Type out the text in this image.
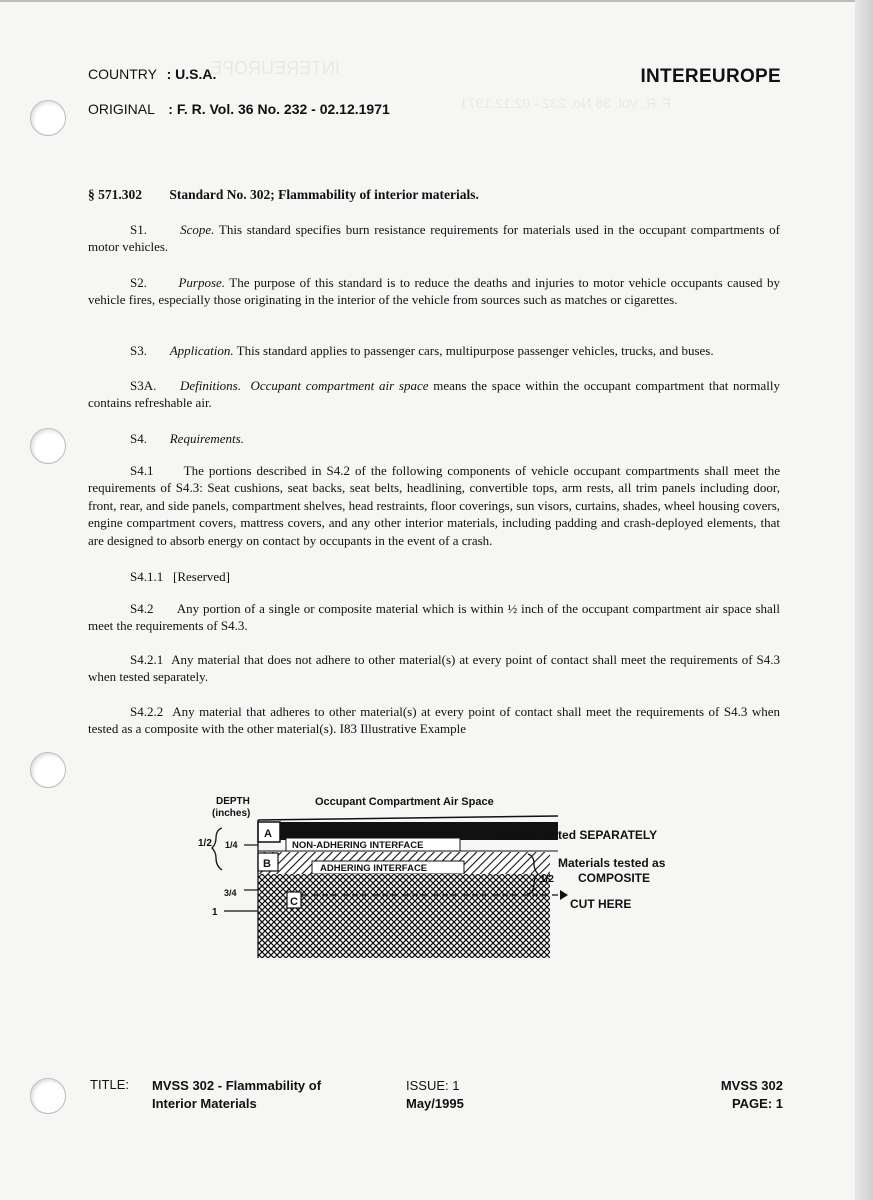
F. R. Vol. 36 No. 232 - 02.12.1971
INTEREUROPE
COUNTRY : U.S.A.	INTEREUROPE
ORIGINAL : F. R. Vol. 36 No. 232 - 02.12.1971
§ 571.302 Standard No. 302; Flammability of interior materials.

S1.	Scope. This standard specifies burn resistance requirements for materials used in the occupant compartments of motor vehicles.

S2. Purpose. The purpose of this standard is to reduce the deaths and injuries to motor vehicle occupants caused by vehicle fires, especially those originating in the interior of the vehicle from sources such as matches or cigarettes.

S3. Application. This standard applies to passenger cars, multipurpose passenger vehicles, trucks, and buses.

S3A. Definitions. Occupant compartment air space means the space within the occupant compartment that normally contains refreshable air.

S4. Requirements.

S4.1 The portions described in S4.2 of the following components of vehicle occupant compartments shall meet the requirements of S4.3: Seat cushions, seat backs, seat belts, headlining, convertible tops, arm rests, all trim panels including door, front, rear, and side panels, compartment shelves, head restraints, floor coverings, sun visors, curtains, shades, wheel housing covers, engine compartment covers, mattress covers, and any other interior materials, including padding and crash-deployed elements, that are designed to absorb energy on contact by occupants in the event of a crash.

S4.1.1 [Reserved]

S4.2 Any portion of a single or composite material which is within ½ inch of the occupant compartment air space shall meet the requirements of S4.3.

S4.2.1 Any material that does not adhere to other material(s) at every point of contact shall meet the requirements of S4.3 when tested separately.

S4.2.2 Any material that adheres to other material(s) at every point of contact shall meet the requirements of S4.3 when tested as a composite with the other material(s). I83 Illustrative Example

DEPTH
(inches)
Occupant Compartment Air Space
A
NON-ADHERING INTERFACE
B	ADHERING INTERFACE
C
1/2 1/4
3/4
1
Material tested SEPARATELY
1/2
Materials tested as
COMPOSITE
CUT HERE
TITLE: MVSS 302 - Flammability of
Interior Materials
ISSUE: 1
May/1995
MVSS 302
PAGE: 1
